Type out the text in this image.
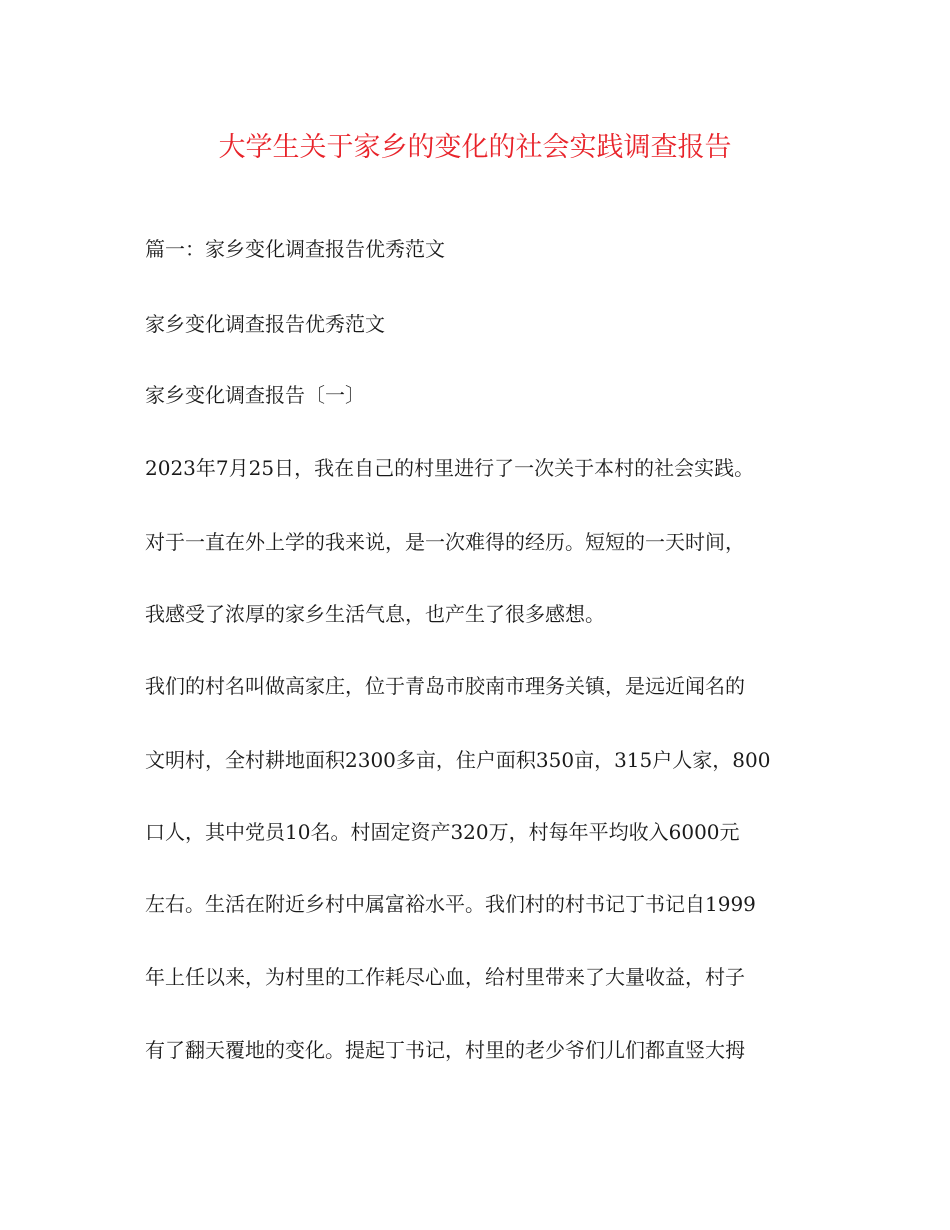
大学生关于家乡的变化的社会实践调查报告

篇一：家乡变化调查报告优秀范文

家乡变化调查报告优秀范文

家乡变化调查报告〔一〕

2023年7月25日，我在自己的村里进行了一次关于本村的社会实践。

对于一直在外上学的我来说，是一次难得的经历。短短的一天时间，

我感受了浓厚的家乡生活气息，也产生了很多感想。

我们的村名叫做高家庄，位于青岛市胶南市理务关镇，是远近闻名的

文明村，全村耕地面积2300多亩，住户面积350亩，315户人家，800

口人，其中党员10名。村固定资产320万，村每年平均收入6000元

左右。生活在附近乡村中属富裕水平。我们村的村书记丁书记自1999

年上任以来，为村里的工作耗尽心血，给村里带来了大量收益，村子

有了翻天覆地的变化。提起丁书记，村里的老少爷们儿们都直竖大拇
